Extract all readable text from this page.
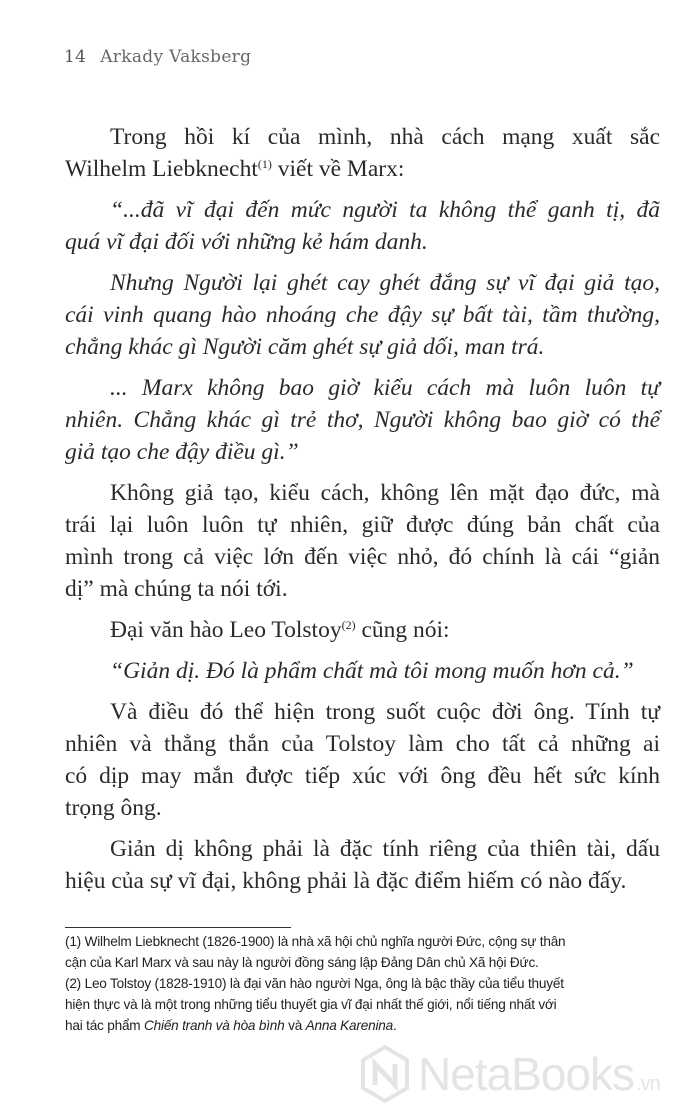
14 Arkady Vaksberg
Trong hồi kí của mình, nhà cách mạng xuất sắc
Wilhelm Liebknecht$^{(1)}$ viết về Marx:
“...đã vĩ đại đến mức người ta không thể ganh tị, đã
quá vĩ đại đối với những kẻ hám danh.
Nhưng Người lại ghét cay ghét đắng sự vĩ đại giả tạo,
cái vinh quang hào nhoáng che đậy sự bất tài, tầm thường,
chẳng khác gì Người căm ghét sự giả dối, man trá.
... Marx không bao giờ kiểu cách mà luôn luôn tự
nhiên. Chẳng khác gì trẻ thơ, Người không bao giờ có thể
giả tạo che đậy điều gì.”
Không giả tạo, kiểu cách, không lên mặt đạo đức, mà
trái lại luôn luôn tự nhiên, giữ được đúng bản chất của
mình trong cả việc lớn đến việc nhỏ, đó chính là cái “giản
dị” mà chúng ta nói tới.
Đại văn hào Leo Tolstoy$^{(2)}$ cũng nói:
“Giản dị. Đó là phẩm chất mà tôi mong muốn hơn cả.”
Và điều đó thể hiện trong suốt cuộc đời ông. Tính tự
nhiên và thẳng thắn của Tolstoy làm cho tất cả những ai
có dịp may mắn được tiếp xúc với ông đều hết sức kính
trọng ông.
Giản dị không phải là đặc tính riêng của thiên tài, dấu
hiệu của sự vĩ đại, không phải là đặc điểm hiếm có nào đấy.
(1) Wilhelm Liebknecht (1826-1900) là nhà xã hội chủ nghĩa người Đức, cộng sự thân
cận của Karl Marx và sau này là người đồng sáng lập Đảng Dân chủ Xã hội Đức.
(2) Leo Tolstoy (1828-1910) là đại văn hào người Nga, ông là bậc thầy của tiểu thuyết
hiện thực và là một trong những tiểu thuyết gia vĩ đại nhất thế giới, nổi tiếng nhất với
hai tác phẩm Chiến tranh và hòa bình và Anna Karenina.
NetaBooks .vn
